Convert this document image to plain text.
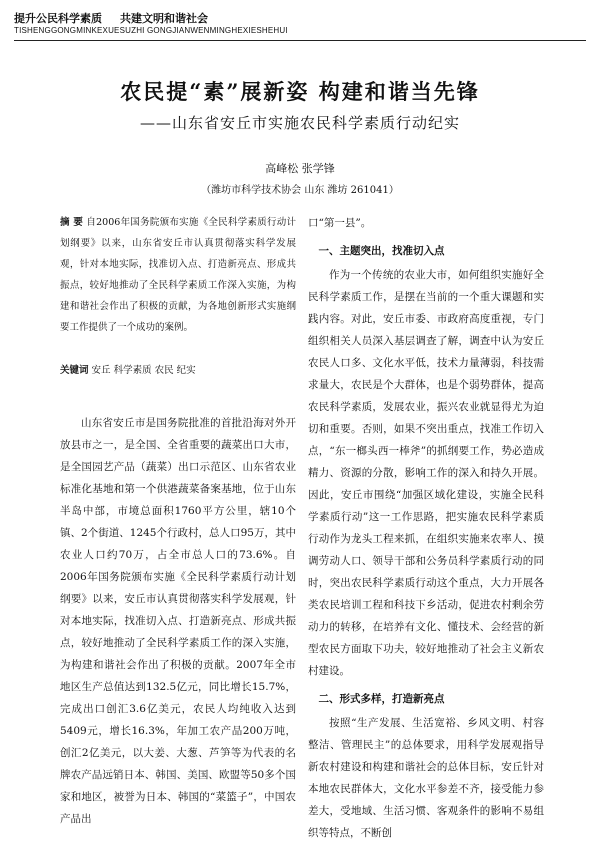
提升公民科学素质 共建文明和谐社会
TISHENGGONGMINKEXUESUZHI GONGJIANWENMINGHEXIESHEHUI
农民提“素”展新姿 构建和谐当先锋
——山东省安丘市实施农民科学素质行动纪实
高峰松 张学锋
（潍坊市科学技术协会 山东 潍坊 261041）
摘 要 自2006年国务院颁布实施《全民科学素质行动计划纲要》以来，山东省安丘市认真贯彻落实科学发展观，针对本地实际，找准切入点、打造新亮点、形成共振点，较好地推动了全民科学素质工作深入实施，为构建和谐社会作出了积极的贡献，为各地创新形式实施纲要工作提供了一个成功的案例。
关键词 安丘 科学素质 农民 纪实

山东省安丘市是国务院批准的首批沿海对外开放县市之一，是全国、全省重要的蔬菜出口大市，是全国园艺产品（蔬菜）出口示范区、山东省农业标准化基地和第一个供港蔬菜备案基地，位于山东半岛中部，市境总面积1760平方公里，辖10个镇、2个街道、1245个行政村，总人口95万，其中农业人口约70万，占全市总人口的73.6%。自2006年国务院颁布实施《全民科学素质行动计划纲要》以来，安丘市认真贯彻落实科学发展观，针对本地实际，找准切入点、打造新亮点、形成共振点，较好地推动了全民科学素质工作的深入实施，为构建和谐社会作出了积极的贡献。2007年全市地区生产总值达到132.5亿元，同比增长15.7%，完成出口创汇3.6亿美元，农民人均纯收入达到5409元，增长16.3%，年加工农产品200万吨，创汇2亿美元，以大姜、大葱、芦笋等为代表的名牌农产品远销日本、韩国、美国、欧盟等50多个国家和地区，被誉为日本、韩国的“菜篮子”，中国农产品出

口“第一县”。

一、主题突出，找准切入点

作为一个传统的农业大市，如何组织实施好全民科学素质工作，是摆在当前的一个重大课题和实践内容。对此，安丘市委、市政府高度重视，专门组织相关人员深入基层调查了解，调查中认为安丘农民人口多、文化水平低，技术力量薄弱，科技需求量大，农民是个大群体，也是个弱势群体，提高农民科学素质，发展农业，振兴农业就显得尤为迫切和重要。否则，如果不突出重点，找准工作切入点，“东一榔头西一棒斧”的抓纲要工作，势必造成精力、资源的分散，影响工作的深入和持久开展。因此，安丘市围绕“加强区域化建设，实施全民科学素质行动”这一工作思路，把实施农民科学素质行动作为龙头工程来抓，在组织实施来农率人、摸调劳动人口、领导干部和公务员科学素质行动的同时，突出农民科学素质行动这个重点，大力开展各类农民培训工程和科技下乡活动，促进农村剩余劳动力的转移，在培养有文化、懂技术、会经营的新型农民方面取下功夫，较好地推动了社会主义新农村建设。

二、形式多样，打造新亮点

按照“生产发展、生活宽裕、乡风文明、村容整洁、管理民主”的总体要求，用科学发展观指导新农村建设和构建和谐社会的总体目标，安丘针对本地农民群体大，文化水平参差不齐，接受能力参差大，受地域、生活习惯、客观条件的影响不易组织等特点，不断创
